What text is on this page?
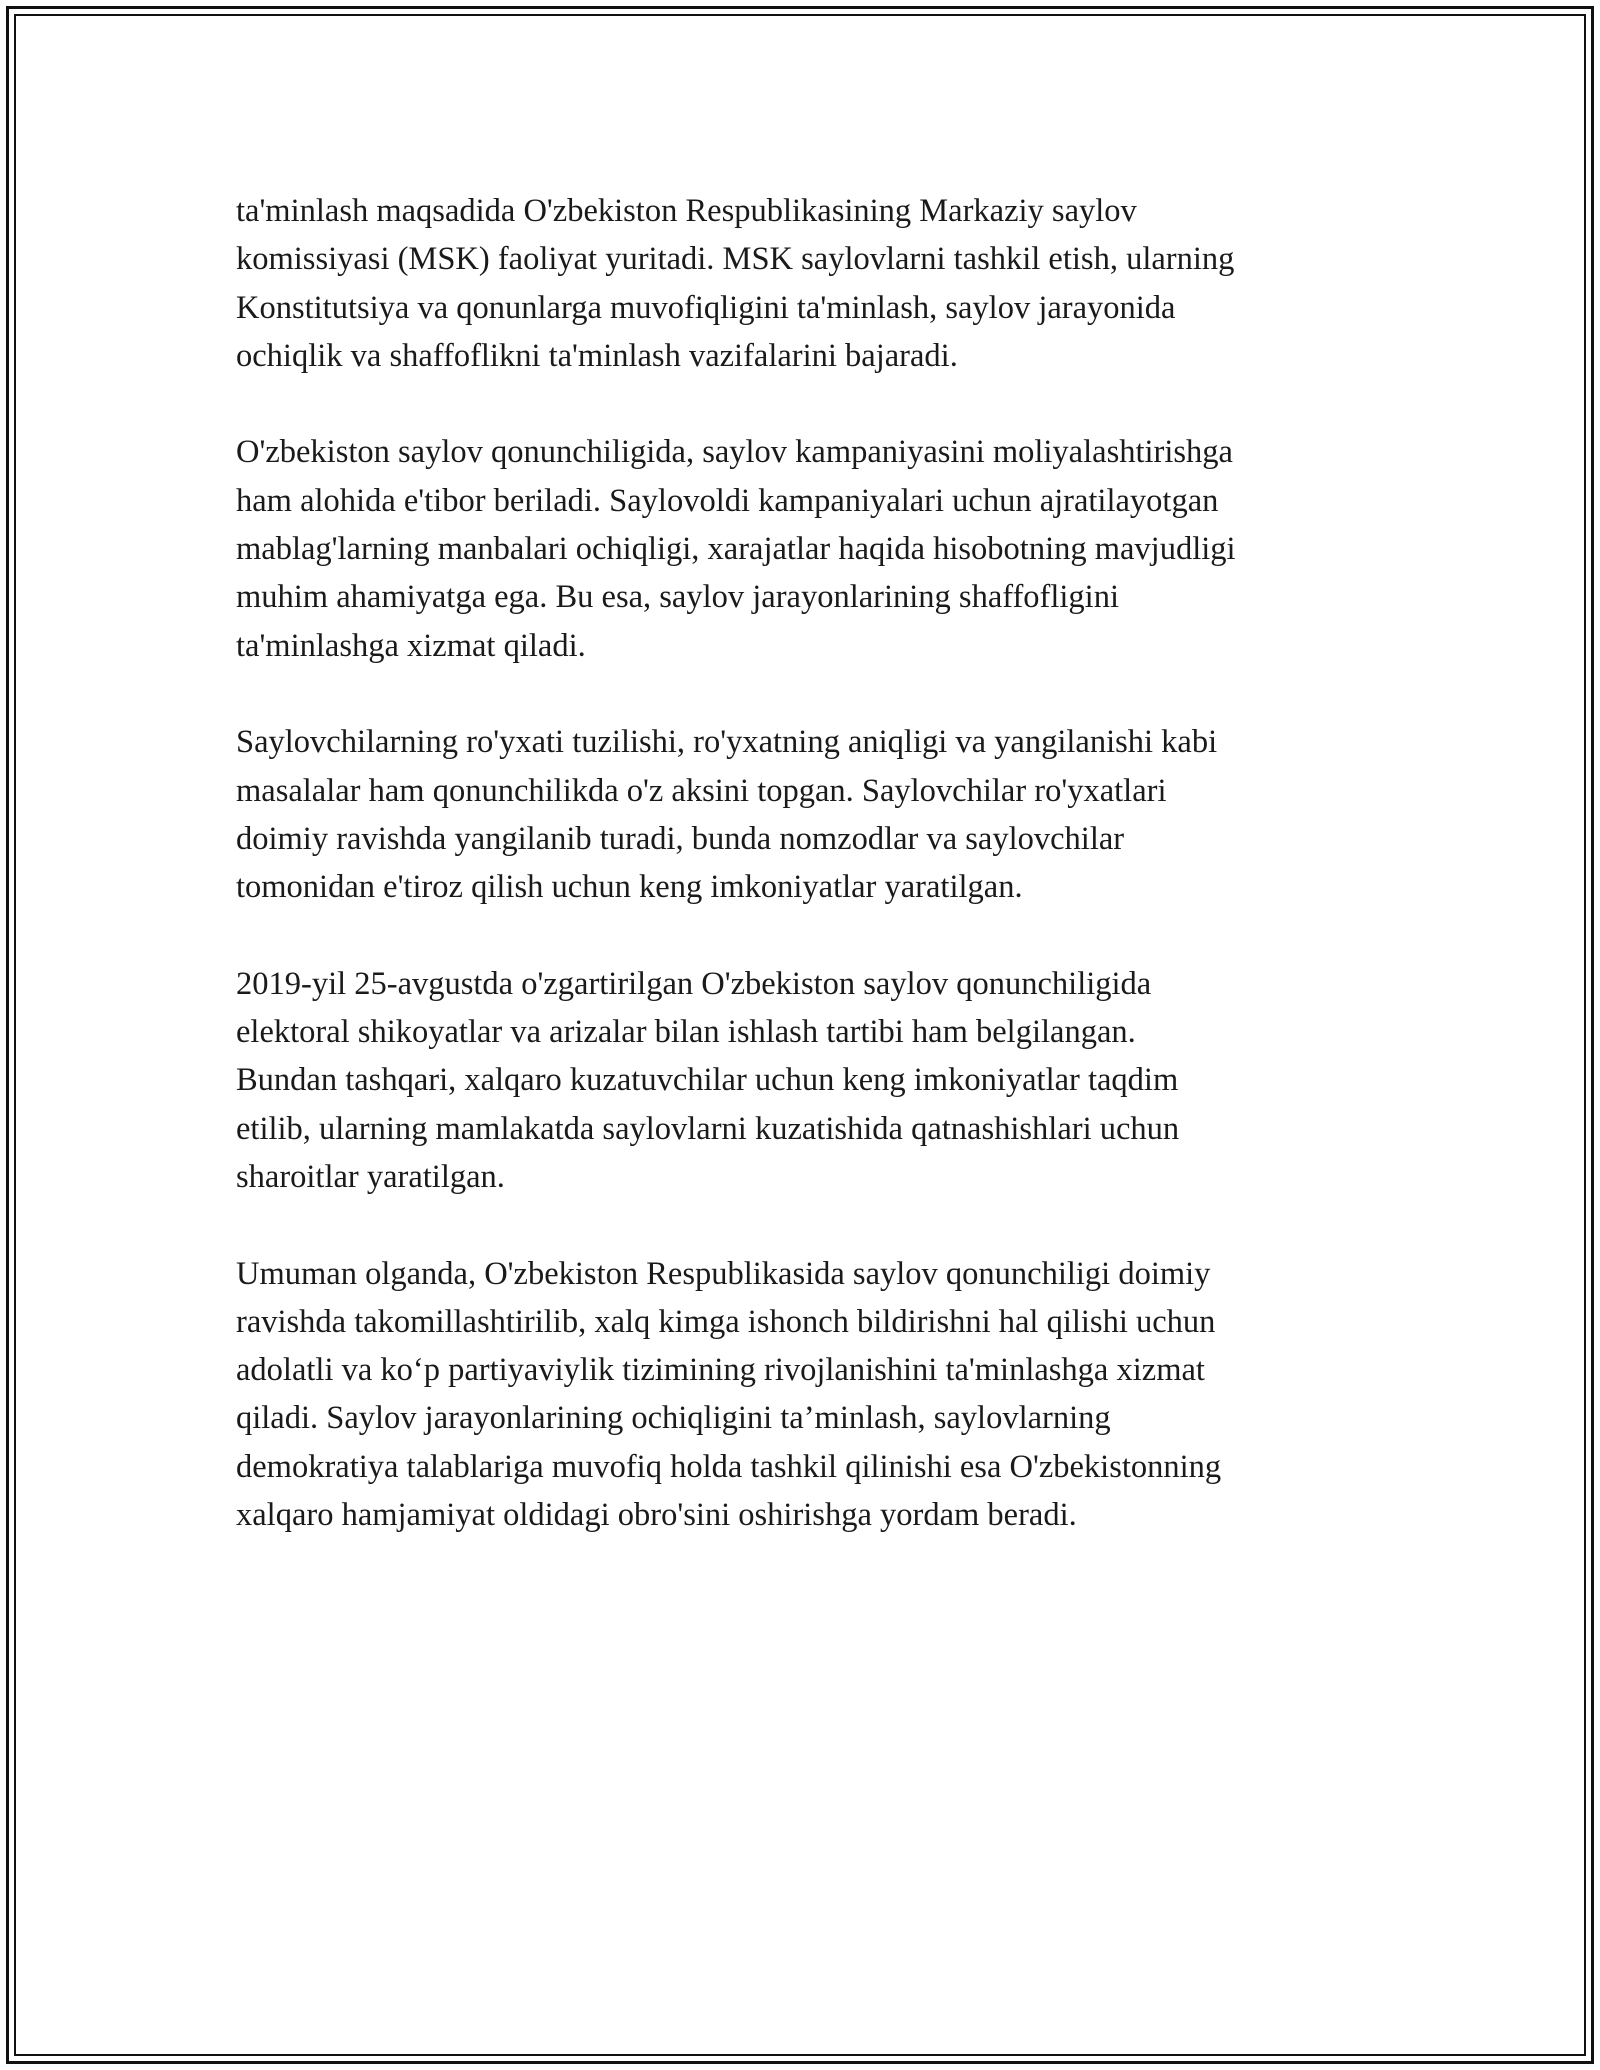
ta'minlash maqsadida O'zbekiston Respublikasining Markaziy saylov
komissiyasi (MSK) faoliyat yuritadi. MSK saylovlarni tashkil etish, ularning
Konstitutsiya va qonunlarga muvofiqligini ta'minlash, saylov jarayonida
ochiqlik va shaffoflikni ta'minlash vazifalarini bajaradi.

O'zbekiston saylov qonunchiligida, saylov kampaniyasini moliyalashtirishga
ham alohida e'tibor beriladi. Saylovoldi kampaniyalari uchun ajratilayotgan
mablag'larning manbalari ochiqligi, xarajatlar haqida hisobotning mavjudligi
muhim ahamiyatga ega. Bu esa, saylov jarayonlarining shaffofligini
ta'minlashga xizmat qiladi.

Saylovchilarning ro'yxati tuzilishi, ro'yxatning aniqligi va yangilanishi kabi
masalalar ham qonunchilikda o'z aksini topgan. Saylovchilar ro'yxatlari
doimiy ravishda yangilanib turadi, bunda nomzodlar va saylovchilar
tomonidan e'tiroz qilish uchun keng imkoniyatlar yaratilgan.

2019-yil 25-avgustda o'zgartirilgan O'zbekiston saylov qonunchiligida
elektoral shikoyatlar va arizalar bilan ishlash tartibi ham belgilangan.
Bundan tashqari, xalqaro kuzatuvchilar uchun keng imkoniyatlar taqdim
etilib, ularning mamlakatda saylovlarni kuzatishida qatnashishlari uchun
sharoitlar yaratilgan.

Umuman olganda, O'zbekiston Respublikasida saylov qonunchiligi doimiy
ravishda takomillashtirilib, xalq kimga ishonch bildirishni hal qilishi uchun
adolatli va koʻp partiyaviylik tizimining rivojlanishini ta'minlashga xizmat
qiladi. Saylov jarayonlarining ochiqligini ta’minlash, saylovlarning
demokratiya talablariga muvofiq holda tashkil qilinishi esa O'zbekistonning
xalqaro hamjamiyat oldidagi obro'sini oshirishga yordam beradi.
